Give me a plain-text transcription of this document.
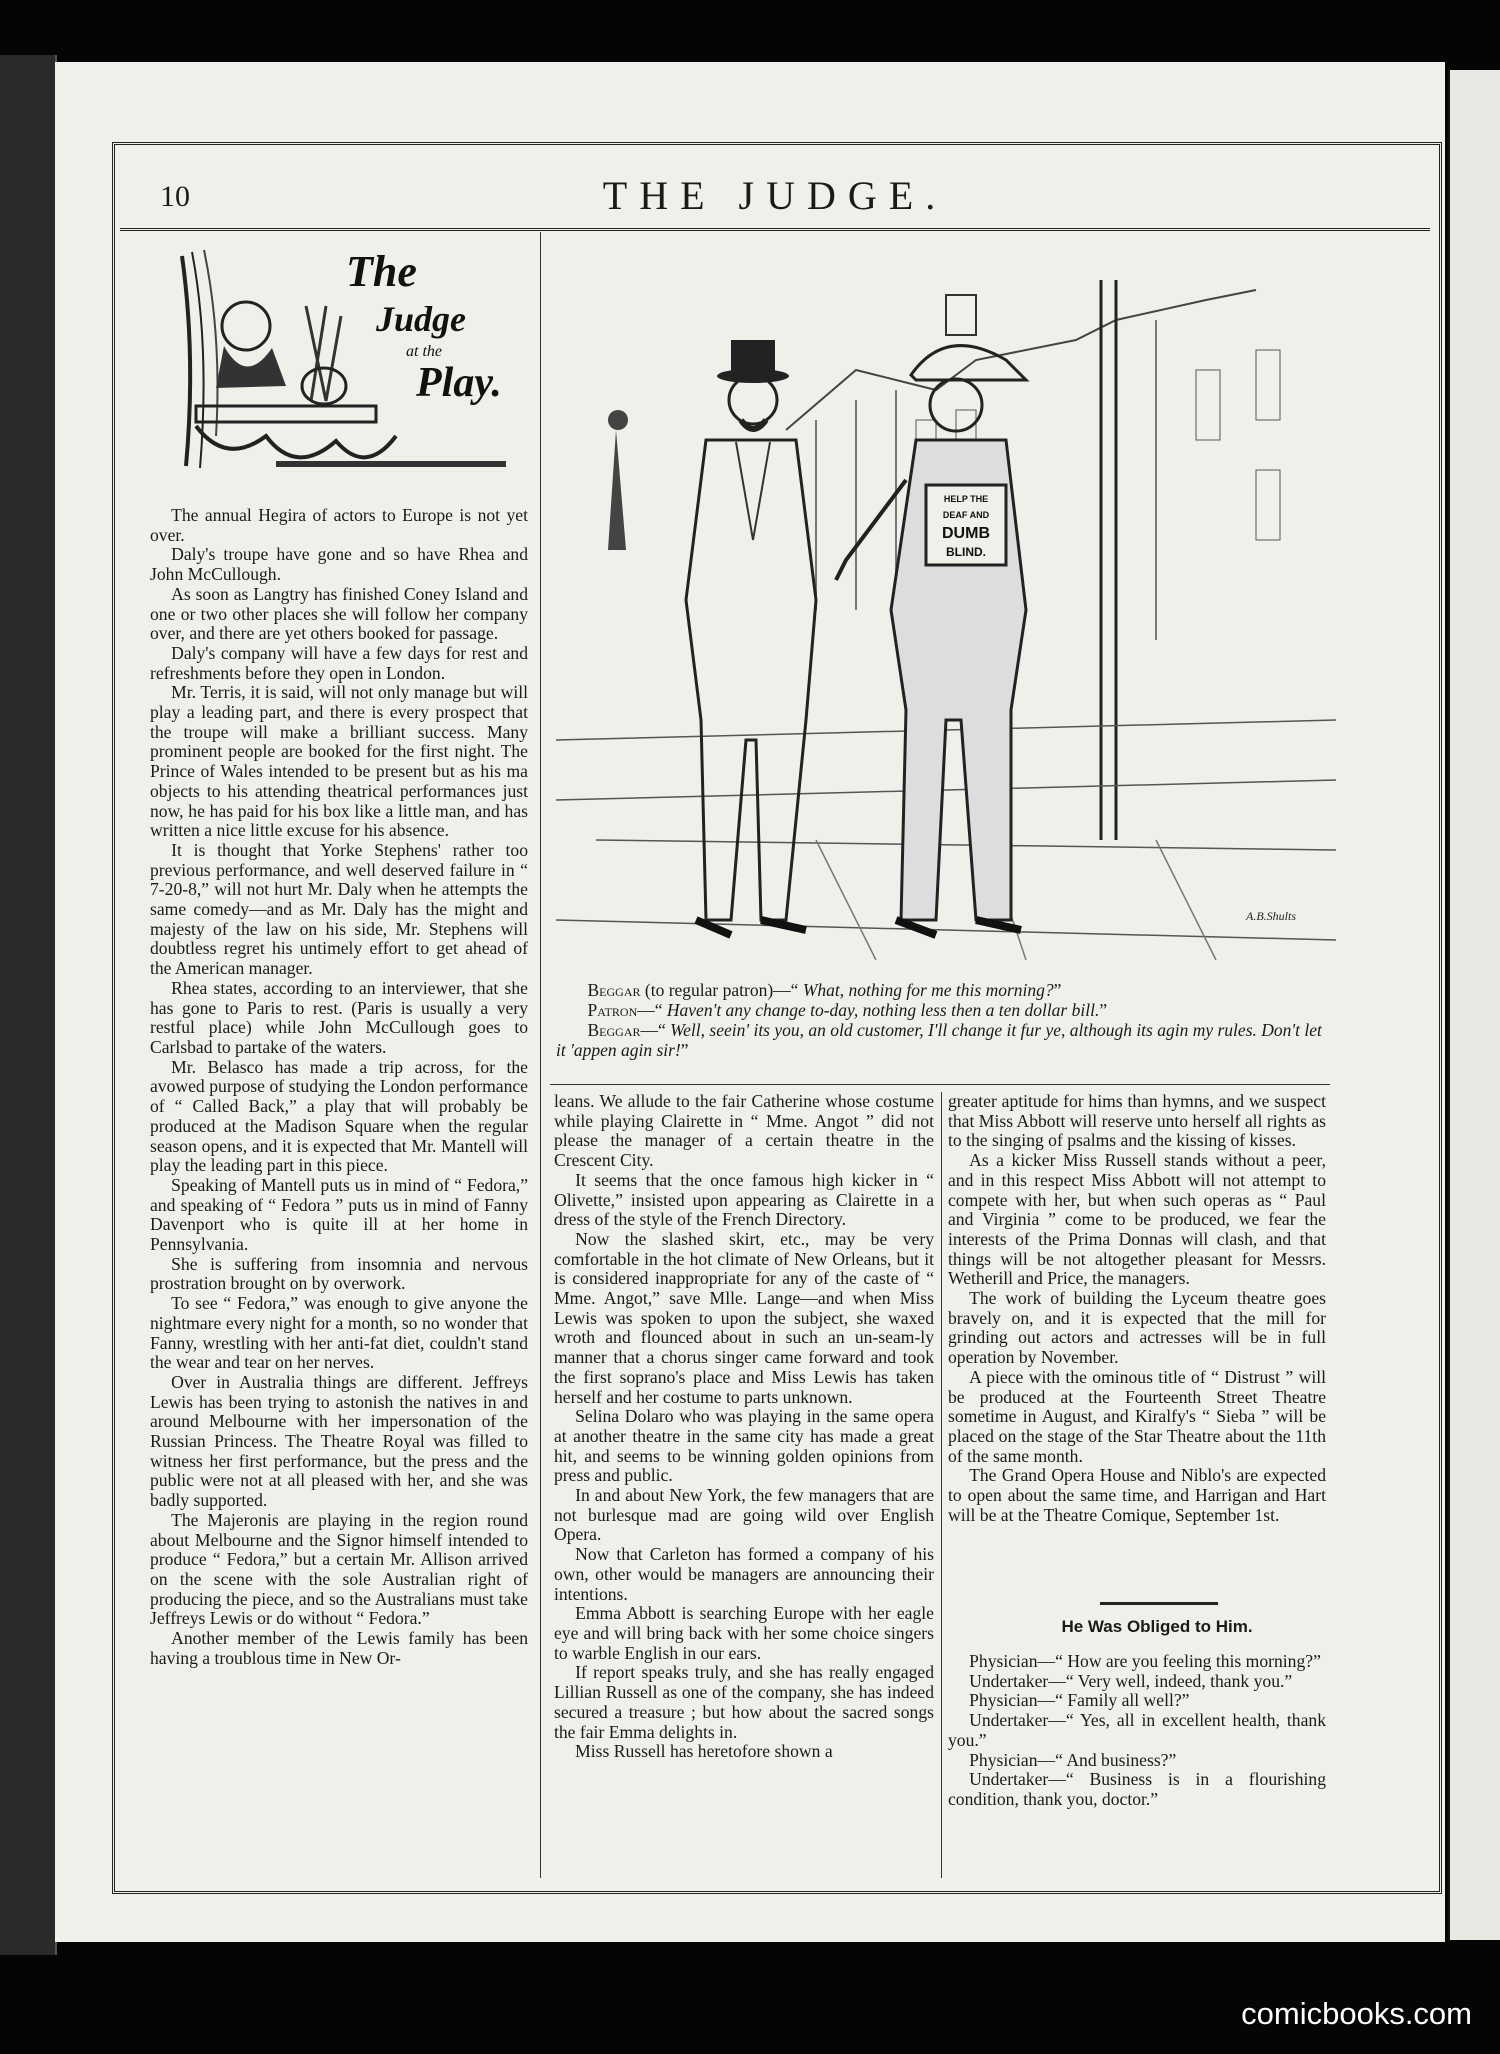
10	THE JUDGE.
The
Judge
at the
Play.

The annual Hegira of actors to Europe is not yet over.

Daly's troupe have gone and so have Rhea and John McCullough.

As soon as Langtry has finished Coney Island and one or two other places she will follow her company over, and there are yet others booked for passage.

Daly's company will have a few days for rest and refreshments before they open in London.

Mr. Terris, it is said, will not only manage but will play a leading part, and there is every prospect that the troupe will make a brilliant success. Many prominent people are booked for the first night. The Prince of Wales intended to be present but as his ma objects to his attending theatrical performances just now, he has paid for his box like a little man, and has written a nice little excuse for his absence.

It is thought that Yorke Stephens' rather too previous performance, and well deserved failure in “ 7-20-8,” will not hurt Mr. Daly when he attempts the same comedy—and as Mr. Daly has the might and majesty of the law on his side, Mr. Stephens will doubtless regret his untimely effort to get ahead of the American manager.

Rhea states, according to an interviewer, that she has gone to Paris to rest. (Paris is usually a very restful place) while John McCullough goes to Carlsbad to partake of the waters.

Mr. Belasco has made a trip across, for the avowed purpose of studying the London performance of “ Called Back,” a play that will probably be produced at the Madison Square when the regular season opens, and it is expected that Mr. Mantell will play the leading part in this piece.

Speaking of Mantell puts us in mind of “ Fedora,” and speaking of “ Fedora ” puts us in mind of Fanny Davenport who is quite ill at her home in Pennsylvania.

She is suffering from insomnia and nervous prostration brought on by overwork.

To see “ Fedora,” was enough to give anyone the nightmare every night for a month, so no wonder that Fanny, wrestling with her anti-fat diet, couldn't stand the wear and tear on her nerves.

Over in Australia things are different. Jeffreys Lewis has been trying to astonish the natives in and around Melbourne with her impersonation of the Russian Princess. The Theatre Royal was filled to witness her first performance, but the press and the public were not at all pleased with her, and she was badly supported.

The Majeronis are playing in the region round about Melbourne and the Signor himself intended to produce “ Fedora,” but a certain Mr. Allison arrived on the scene with the sole Australian right of producing the piece, and so the Australians must take Jeffreys Lewis or do without “ Fedora.”

Another member of the Lewis family has been having a troublous time in New Or-

HELP THE
DEAF AND
DUMB
BLIND.
A.B.Shults

Beggar (to regular patron)—“ What, nothing for me this morning?”

Patron—“ Haven't any change to-day, nothing less then a ten dollar bill.”

Beggar—“ Well, seein' its you, an old customer, I'll change it fur ye, although its agin my rules. Don't let it 'appen agin sir!”

leans. We allude to the fair Catherine whose costume while playing Clairette in “ Mme. Angot ” did not please the manager of a certain theatre in the Crescent City.

It seems that the once famous high kicker in “ Olivette,” insisted upon appearing as Clairette in a dress of the style of the French Directory.

Now the slashed skirt, etc., may be very comfortable in the hot climate of New Orleans, but it is considered inappropriate for any of the caste of “ Mme. Angot,” save Mlle. Lange—and when Miss Lewis was spoken to upon the subject, she waxed wroth and flounced about in such an un-seam-ly manner that a chorus singer came forward and took the first soprano's place and Miss Lewis has taken herself and her costume to parts unknown.

Selina Dolaro who was playing in the same opera at another theatre in the same city has made a great hit, and seems to be winning golden opinions from press and public.

In and about New York, the few managers that are not burlesque mad are going wild over English Opera.

Now that Carleton has formed a company of his own, other would be managers are announcing their intentions.

Emma Abbott is searching Europe with her eagle eye and will bring back with her some choice singers to warble English in our ears.

If report speaks truly, and she has really engaged Lillian Russell as one of the company, she has indeed secured a treasure ; but how about the sacred songs the fair Emma delights in.

Miss Russell has heretofore shown a

greater aptitude for hims than hymns, and we suspect that Miss Abbott will reserve unto herself all rights as to the singing of psalms and the kissing of kisses.

As a kicker Miss Russell stands without a peer, and in this respect Miss Abbott will not attempt to compete with her, but when such operas as “ Paul and Virginia ” come to be produced, we fear the interests of the Prima Donnas will clash, and that things will be not altogether pleasant for Messrs. Wetherill and Price, the managers.

The work of building the Lyceum theatre goes bravely on, and it is expected that the mill for grinding out actors and actresses will be in full operation by November.

A piece with the ominous title of “ Distrust ” will be produced at the Fourteenth Street Theatre sometime in August, and Kiralfy's “ Sieba ” will be placed on the stage of the Star Theatre about the 11th of the same month.

The Grand Opera House and Niblo's are expected to open about the same time, and Harrigan and Hart will be at the Theatre Comique, September 1st.

He Was Obliged to Him.

Physician—“ How are you feeling this morning?”

Undertaker—“ Very well, indeed, thank you.”

Physician—“ Family all well?”

Undertaker—“ Yes, all in excellent health, thank you.”

Physician—“ And business?”

Undertaker—“ Business is in a flourishing condition, thank you, doctor.”

comicbooks.com
